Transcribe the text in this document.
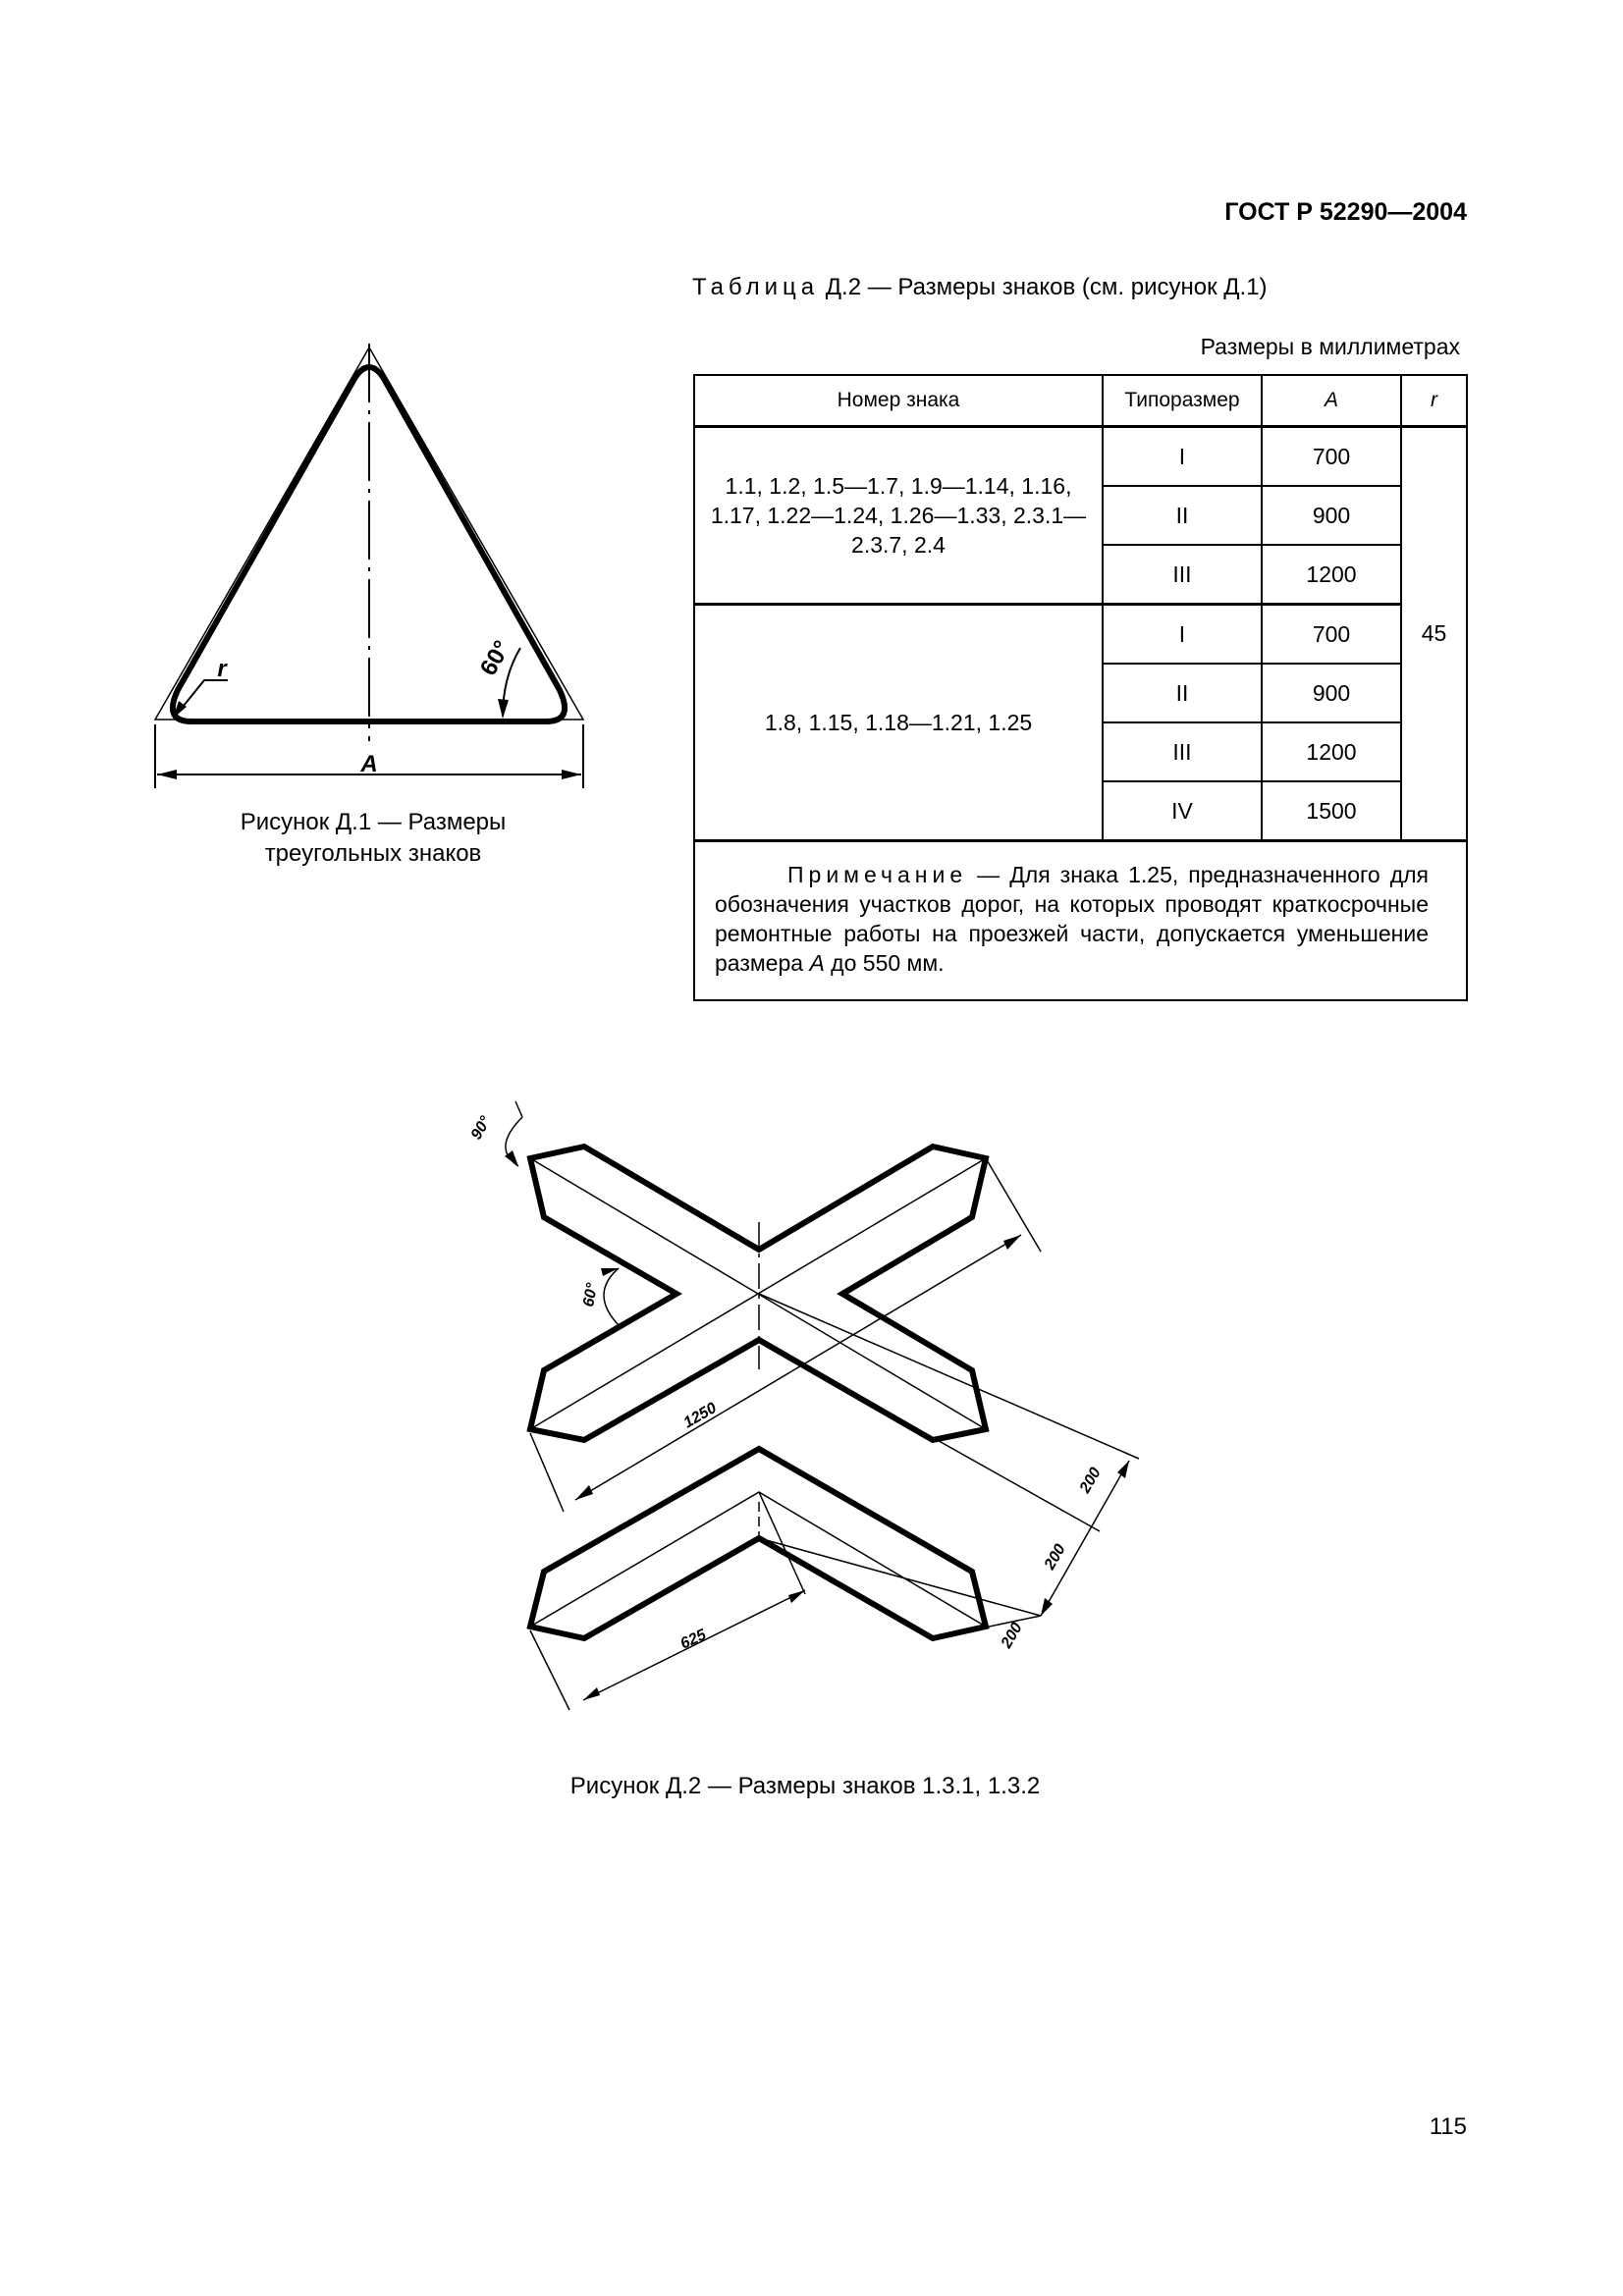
ГОСТ Р 52290—2004
Таблица Д.2 — Размеры знаков (см. рисунок Д.1)
Размеры в миллиметрах
Номер знака	Типоразмер	A	r
1.1, 1.2, 1.5—1.7, 1.9—1.14, 1.16, 1.17, 1.22—1.24, 1.26—1.33, 2.3.1—2.3.7, 2.4	I	700	45
	II	900	
	III	1200	
1.8, 1.15, 1.18—1.21, 1.25	I	700	
	II	900	
	III	1200	
	IV	1500	
Примечание — Для знака 1.25, предназначенного для обозначения участков дорог, на которых проводят краткосрочные ремонтные работы на проезжей части, допускается уменьшение размера A до 550 мм.			
A
r	60°
Рисунок Д.1 — Размеры
треугольных знаков
1250
625
200
200
200
90°
60°
Рисунок Д.2 — Размеры знаков 1.3.1, 1.3.2
115
